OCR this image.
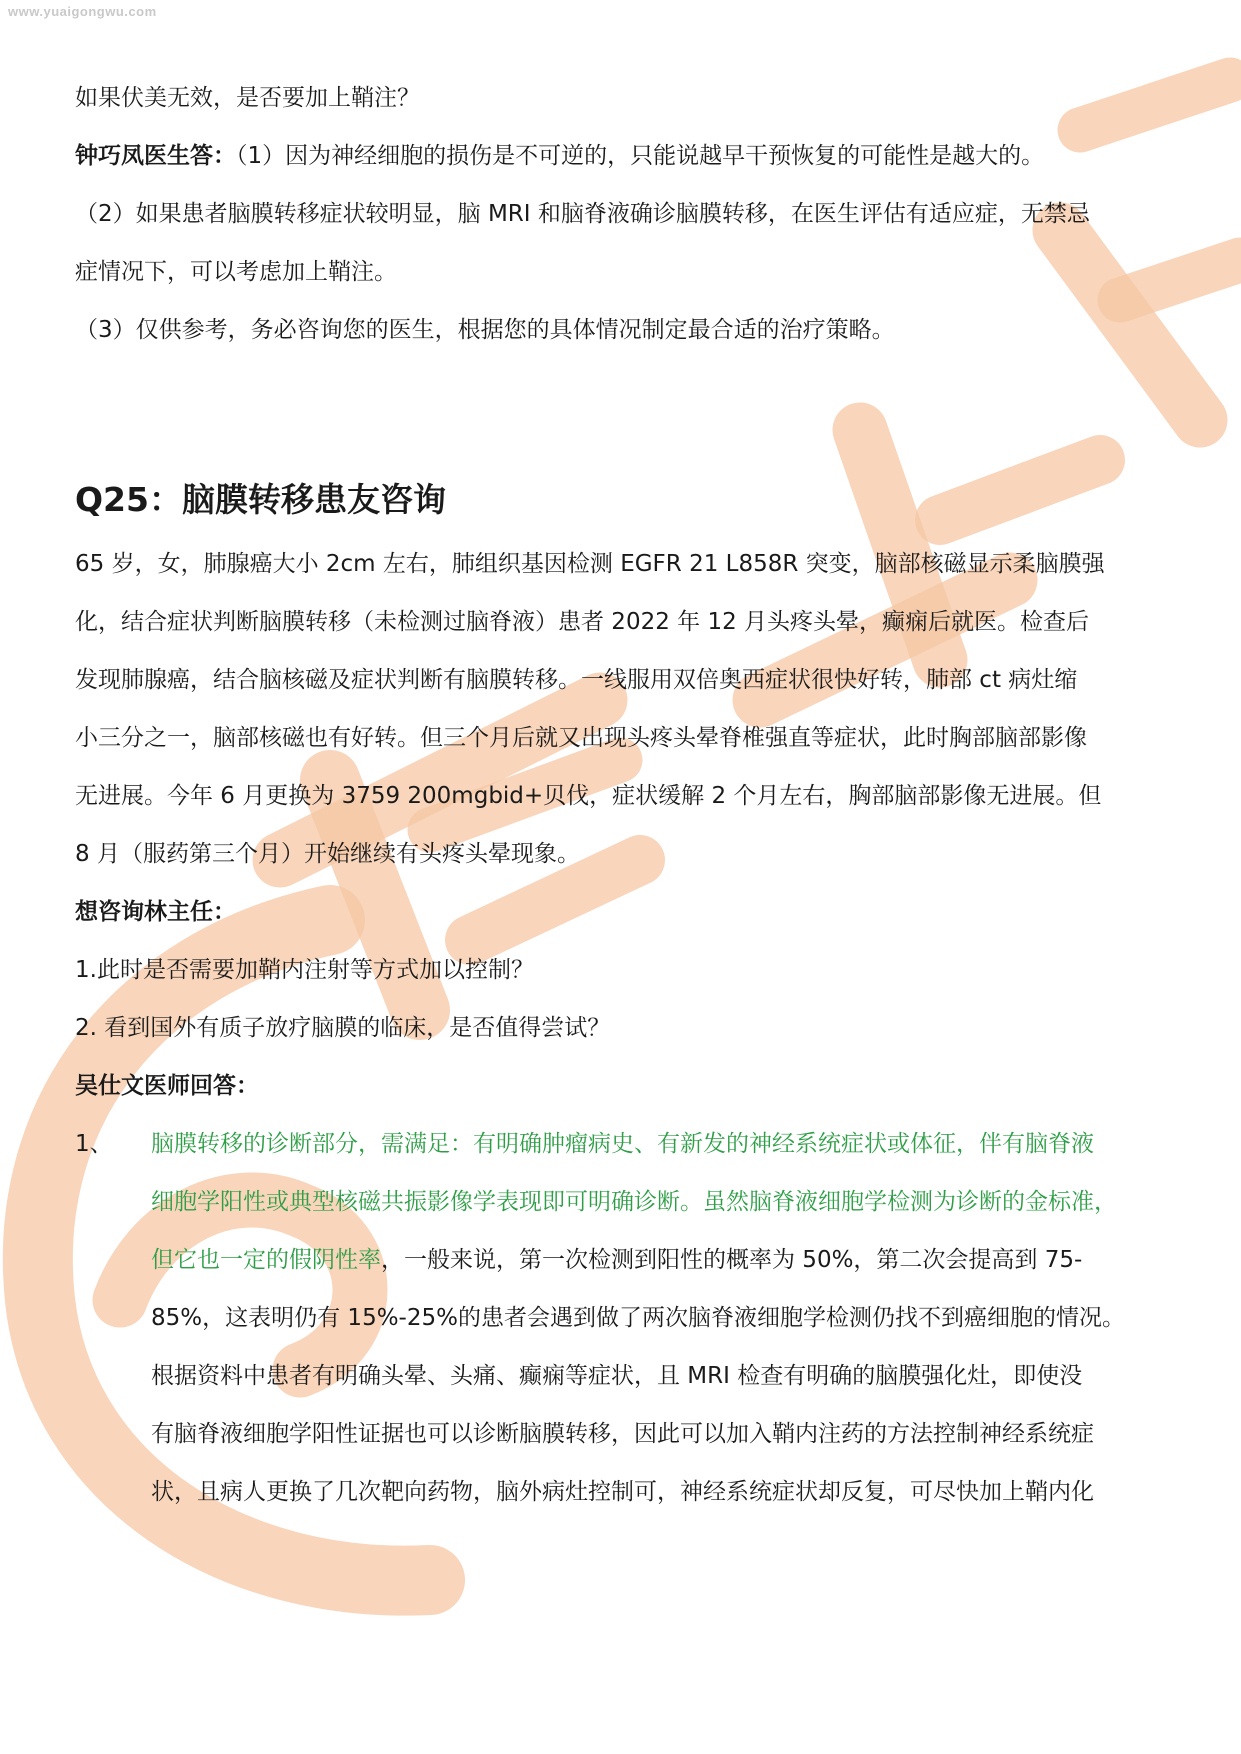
www.yuaigongwu.com

如果伏美无效，是否要加上鞘注？

钟巧凤医生答：（1）因为神经细胞的损伤是不可逆的，只能说越早干预恢复的可能性是越大的。

（2）如果患者脑膜转移症状较明显，脑 MRI 和脑脊液确诊脑膜转移，在医生评估有适应症，无禁忌

症情况下，可以考虑加上鞘注。

（3）仅供参考，务必咨询您的医生，根据您的具体情况制定最合适的治疗策略。

Q25：脑膜转移患友咨询

65 岁，女，肺腺癌大小 2cm 左右，肺组织基因检测 EGFR 21 L858R 突变，脑部核磁显示柔脑膜强

化，结合症状判断脑膜转移（未检测过脑脊液）患者 2022 年 12 月头疼头晕，癫痫后就医。检查后

发现肺腺癌，结合脑核磁及症状判断有脑膜转移。一线服用双倍奥西症状很快好转，肺部 ct 病灶缩

小三分之一，脑部核磁也有好转。但三个月后就又出现头疼头晕脊椎强直等症状，此时胸部脑部影像

无进展。今年 6 月更换为 3759 200mgbid+贝伐，症状缓解 2 个月左右，胸部脑部影像无进展。但

8 月（服药第三个月）开始继续有头疼头晕现象。

想咨询林主任：

1.此时是否需要加鞘内注射等方式加以控制？

2. 看到国外有质子放疗脑膜的临床，是否值得尝试？

吴仕文医师回答：

1、 脑膜转移的诊断部分，需满足：有明确肿瘤病史、有新发的神经系统症状或体征，伴有脑脊液

细胞学阳性或典型核磁共振影像学表现即可明确诊断。虽然脑脊液细胞学检测为诊断的金标准，

但它也一定的假阴性率，一般来说，第一次检测到阳性的概率为 50%，第二次会提高到 75-

85%，这表明仍有 15%-25%的患者会遇到做了两次脑脊液细胞学检测仍找不到癌细胞的情况。

根据资料中患者有明确头晕、头痛、癫痫等症状，且 MRI 检查有明确的脑膜强化灶，即使没

有脑脊液细胞学阳性证据也可以诊断脑膜转移，因此可以加入鞘内注药的方法控制神经系统症

状，且病人更换了几次靶向药物，脑外病灶控制可，神经系统症状却反复，可尽快加上鞘内化
